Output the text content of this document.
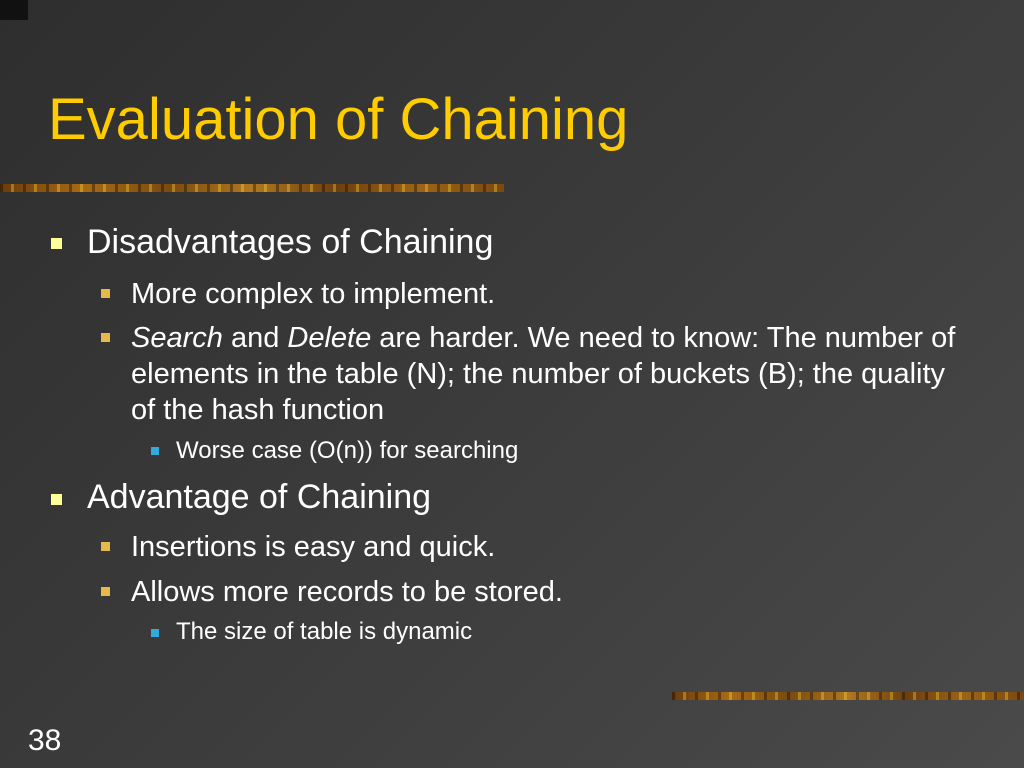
Evaluation of Chaining
Disadvantages of Chaining
More complex to implement.
Search and Delete are harder. We need to know: The number of elements in the table (N); the number of buckets (B); the quality of the hash function
Worse case (O(n)) for searching
Advantage of Chaining
Insertions is easy and quick.
Allows more records to be stored.
The size of table is dynamic
38
